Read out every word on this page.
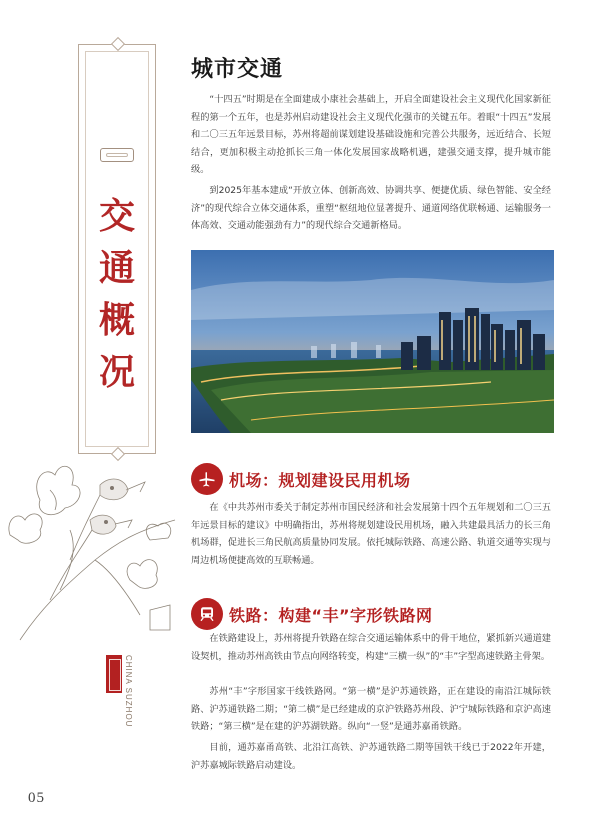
交
通
概
况
CHINA SUZHOU
05
城市交通

“十四五”时期是在全面建成小康社会基础上，开启全面建设社会主义现代化国家新征程的第一个五年，也是苏州启动建设社会主义现代化强市的关键五年。着眼“十四五”发展和二〇三五年远景目标，苏州将超前谋划建设基础设施和完善公共服务，远近结合、长短结合，更加积极主动抢抓长三角一体化发展国家战略机遇，建强交通支撑，提升城市能级。

到2025年基本建成“开放立体、创新高效、协调共享、便捷优质、绿色智能、安全经济”的现代综合立体交通体系，重塑“枢纽地位显著提升、通道网络优联畅通、运输服务一体高效、交通动能强劲有力”的现代综合交通新格局。

机场：规划建设民用机场

在《中共苏州市委关于制定苏州市国民经济和社会发展第十四个五年规划和二〇三五年远景目标的建议》中明确指出，苏州将规划建设民用机场，融入共建最具活力的长三角机场群，促进长三角民航高质量协同发展。依托城际铁路、高速公路、轨道交通等实现与周边机场便捷高效的互联畅通。

铁路：构建“丰”字形铁路网

在铁路建设上，苏州将提升铁路在综合交通运输体系中的骨干地位，紧抓新兴通道建设契机，推动苏州高铁由节点向网络转变，构建“三横一纵”的“丰”字型高速铁路主骨架。

苏州“丰”字形国家干线铁路网。“第一横”是沪苏通铁路，正在建设的南沿江城际铁路、沪苏通铁路二期；“第二横”是已经建成的京沪铁路苏州段、沪宁城际铁路和京沪高速铁路；“第三横”是在建的沪苏湖铁路。纵向“一竖”是通苏嘉甬铁路。

目前，通苏嘉甬高铁、北沿江高铁、沪苏通铁路二期等国铁干线已于2022年开建，沪苏嘉城际铁路启动建设。
